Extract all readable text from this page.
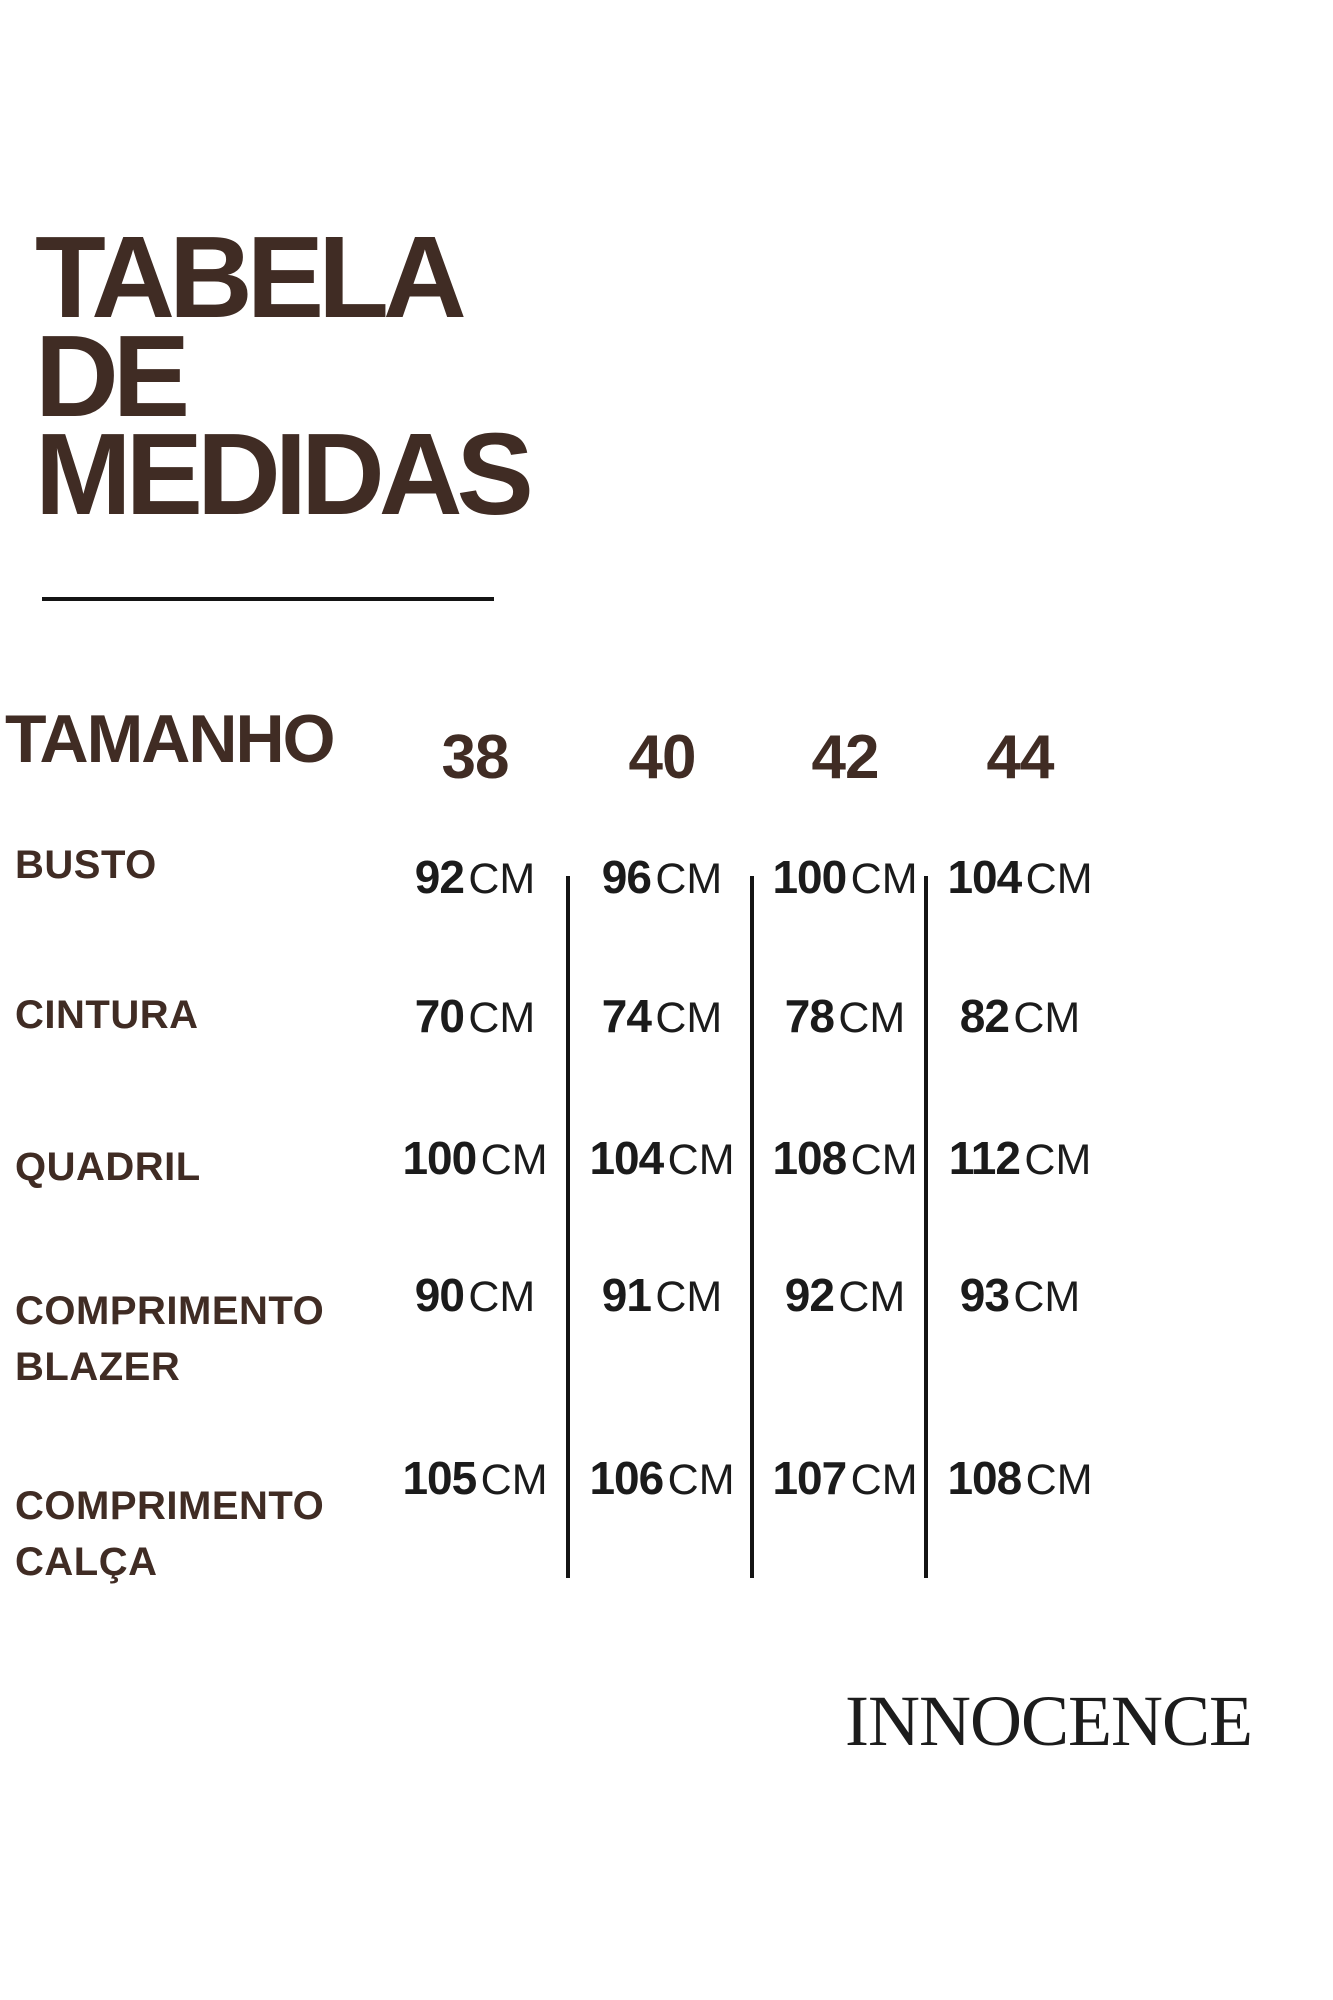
TABELA
DE
MEDIDAS
TAMANHO 38 40 42 44
BUSTO	92 CM 96 CM 100 CM 104 CM
CINTURA	70 CM 74 CM 78 CM 82 CM
QUADRIL	100 CM 104 CM 108 CM 112 CM
COMPRIMENTO
BLAZER
90 CM 91 CM 92 CM 93 CM
COMPRIMENTO
CALÇA
105 CM 106 CM 107 CM 108 CM
INNOCENCE
